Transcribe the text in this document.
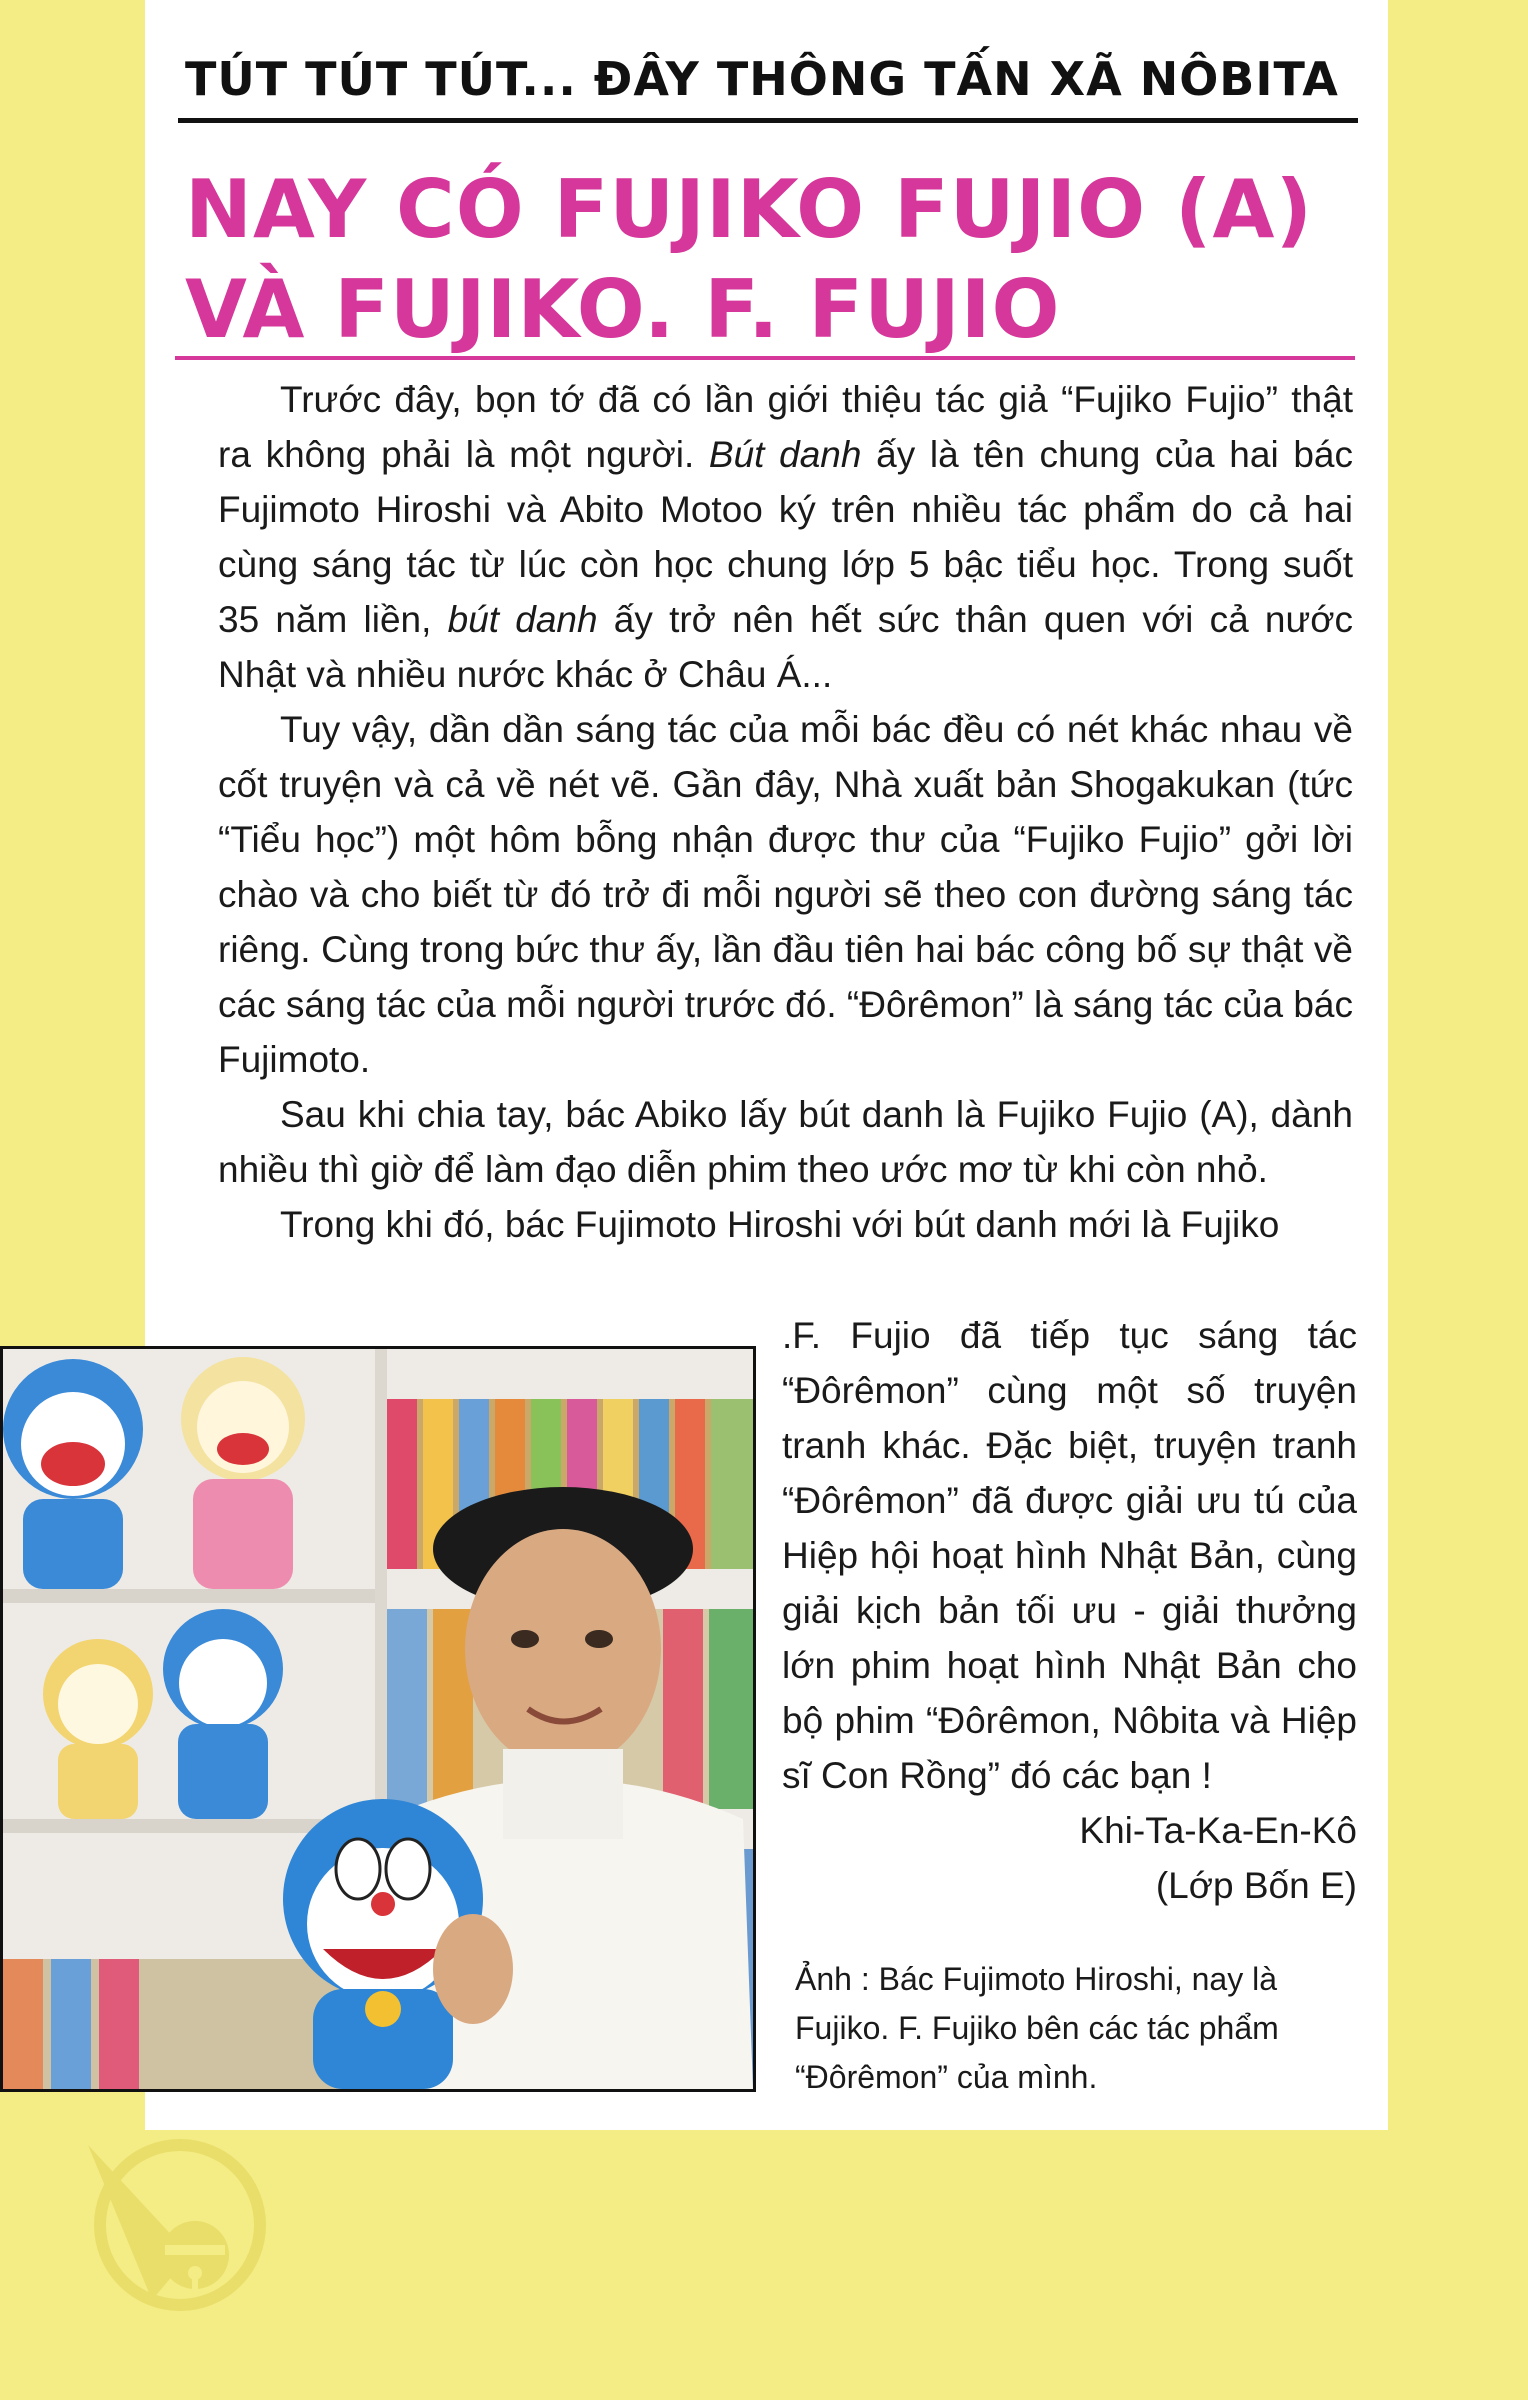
TÚT TÚT TÚT... ĐÂY THÔNG TẤN XÃ NÔBITA
NAY CÓ FUJIKO FUJIO (A)
VÀ FUJIKO. F. FUJIO

Trước đây, bọn tớ đã có lần giới thiệu tác giả “Fujiko Fujio” thật ra không phải là một người. Bút danh ấy là tên chung của hai bác Fujimoto Hiroshi và Abito Motoo ký trên nhiều tác phẩm do cả hai cùng sáng tác từ lúc còn học chung lớp 5 bậc tiểu học. Trong suốt 35 năm liền, bút danh ấy trở nên hết sức thân quen với cả nước Nhật và nhiều nước khác ở Châu Á...

Tuy vậy, dần dần sáng tác của mỗi bác đều có nét khác nhau về cốt truyện và cả về nét vẽ. Gần đây, Nhà xuất bản Shogakukan (tức “Tiểu học”) một hôm bỗng nhận được thư của “Fujiko Fujio” gởi lời chào và cho biết từ đó trở đi mỗi người sẽ theo con đường sáng tác riêng. Cùng trong bức thư ấy, lần đầu tiên hai bác công bố sự thật về các sáng tác của mỗi người trước đó. “Đôrêmon” là sáng tác của bác Fujimoto.

Sau khi chia tay, bác Abiko lấy bút danh là Fujiko Fujio (A), dành nhiều thì giờ để làm đạo diễn phim theo ước mơ từ khi còn nhỏ.

Trong khi đó, bác Fujimoto Hiroshi với bút danh mới là Fujiko

.F. Fujio đã tiếp tục sáng tác “Đôrêmon” cùng một số truyện tranh khác. Đặc biệt, truyện tranh “Đôrêmon” đã được giải ưu tú của Hiệp hội hoạt hình Nhật Bản, cùng giải kịch bản tối ưu - giải thưởng lớn phim hoạt hình Nhật Bản cho bộ phim “Đôrêmon, Nôbita và Hiệp sĩ Con Rồng” đó các bạn !

Khi-Ta-Ka-En-Kô

(Lớp Bốn E)

Ảnh : Bác Fujimoto Hiroshi, nay là Fujiko. F. Fujiko bên các tác phẩm “Đôrêmon” của mình.
